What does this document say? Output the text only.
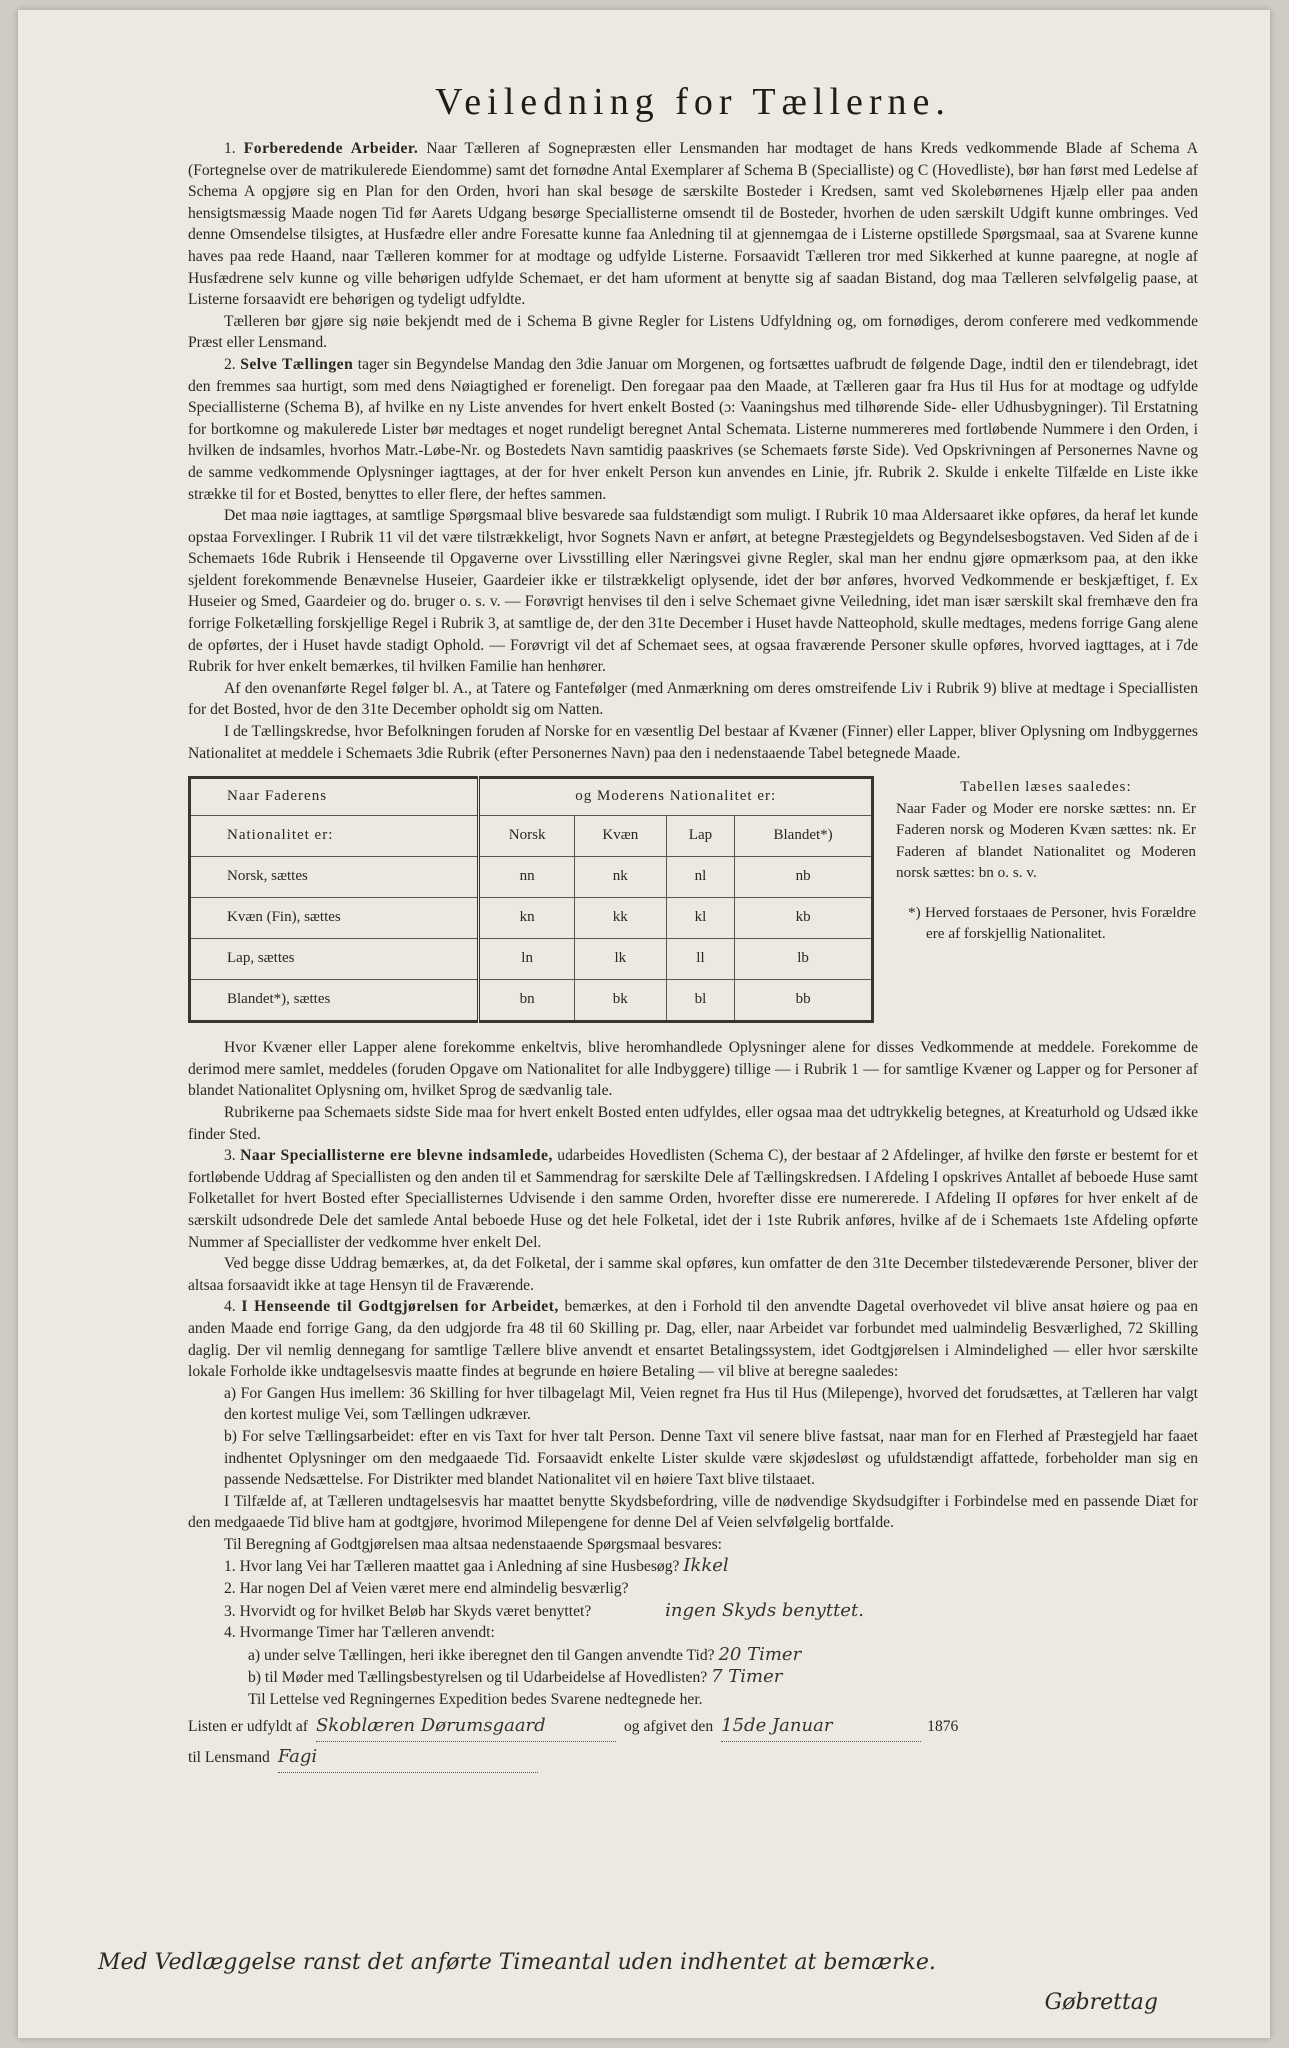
Veiledning for Tællerne.

1. Forberedende Arbeider. Naar Tælleren af Sognepræsten eller Lensmanden har modtaget de hans Kreds vedkommende Blade af Schema A (Fortegnelse over de matrikulerede Eiendomme) samt det fornødne Antal Exemplarer af Schema B (Specialliste) og C (Hovedliste), bør han først med Ledelse af Schema A opgjøre sig en Plan for den Orden, hvori han skal besøge de særskilte Bosteder i Kredsen, samt ved Skolebørnenes Hjælp eller paa anden hensigtsmæssig Maade nogen Tid før Aarets Udgang besørge Speciallisterne omsendt til de Bosteder, hvorhen de uden særskilt Udgift kunne ombringes. Ved denne Omsendelse tilsigtes, at Husfædre eller andre Foresatte kunne faa Anledning til at gjennemgaa de i Listerne opstillede Spørgsmaal, saa at Svarene kunne haves paa rede Haand, naar Tælleren kommer for at modtage og udfylde Listerne. Forsaavidt Tælleren tror med Sikkerhed at kunne paaregne, at nogle af Husfædrene selv kunne og ville behørigen udfylde Schemaet, er det ham uforment at benytte sig af saadan Bistand, dog maa Tælleren selvfølgelig paase, at Listerne forsaavidt ere behørigen og tydeligt udfyldte.

Tælleren bør gjøre sig nøie bekjendt med de i Schema B givne Regler for Listens Udfyldning og, om fornødiges, derom conferere med vedkommende Præst eller Lensmand.

2. Selve Tællingen tager sin Begyndelse Mandag den 3die Januar om Morgenen, og fortsættes uafbrudt de følgende Dage, indtil den er tilendebragt, idet den fremmes saa hurtigt, som med dens Nøiagtighed er foreneligt. Den foregaar paa den Maade, at Tælleren gaar fra Hus til Hus for at modtage og udfylde Speciallisterne (Schema B), af hvilke en ny Liste anvendes for hvert enkelt Bosted (ɔ: Vaaningshus med tilhørende Side- eller Udhusbygninger). Til Erstatning for bortkomne og makulerede Lister bør medtages et noget rundeligt beregnet Antal Schemata. Listerne nummereres med fortløbende Nummere i den Orden, i hvilken de indsamles, hvorhos Matr.-Løbe-Nr. og Bostedets Navn samtidig paaskrives (se Schemaets første Side). Ved Opskrivningen af Personernes Navne og de samme vedkommende Oplysninger iagttages, at der for hver enkelt Person kun anvendes en Linie, jfr. Rubrik 2. Skulde i enkelte Tilfælde en Liste ikke strække til for et Bosted, benyttes to eller flere, der heftes sammen.

Det maa nøie iagttages, at samtlige Spørgsmaal blive besvarede saa fuldstændigt som muligt. I Rubrik 10 maa Aldersaaret ikke opføres, da heraf let kunde opstaa Forvexlinger. I Rubrik 11 vil det være tilstrækkeligt, hvor Sognets Navn er anført, at betegne Præstegjeldets og Begyndelsesbogstaven. Ved Siden af de i Schemaets 16de Rubrik i Henseende til Opgaverne over Livsstilling eller Næringsvei givne Regler, skal man her endnu gjøre opmærksom paa, at den ikke sjeldent forekommende Benævnelse Huseier, Gaardeier ikke er tilstrækkeligt oplysende, idet der bør anføres, hvorved Vedkommende er beskjæftiget, f. Ex Huseier og Smed, Gaardeier og do. bruger o. s. v. — Forøvrigt henvises til den i selve Schemaet givne Veiledning, idet man især særskilt skal fremhæve den fra forrige Folketælling forskjellige Regel i Rubrik 3, at samtlige de, der den 31te December i Huset havde Natteophold, skulle medtages, medens forrige Gang alene de opførtes, der i Huset havde stadigt Ophold. — Forøvrigt vil det af Schemaet sees, at ogsaa fraværende Personer skulle opføres, hvorved iagttages, at i 7de Rubrik for hver enkelt bemærkes, til hvilken Familie han henhører.

Af den ovenanførte Regel følger bl. A., at Tatere og Fantefølger (med Anmærkning om deres omstreifende Liv i Rubrik 9) blive at medtage i Speciallisten for det Bosted, hvor de den 31te December opholdt sig om Natten.

I de Tællingskredse, hvor Befolkningen foruden af Norske for en væsentlig Del bestaar af Kvæner (Finner) eller Lapper, bliver Oplysning om Indbyggernes Nationalitet at meddele i Schemaets 3die Rubrik (efter Personernes Navn) paa den i nedenstaaende Tabel betegnede Maade.

Naar Faderens	og Moderens Nationalitet er:			
Nationalitet er:	Norsk	Kvæn	Lap	Blandet*)
Norsk, sættes	nn	nk	nl	nb
Kvæn (Fin), sættes	kn	kk	kl	kb
Lap, sættes	ln	lk	ll	lb
Blandet*), sættes	bn	bk	bl	bb
Tabellen læses saaledes:
Naar Fader og Moder ere norske sættes: nn. Er Faderen norsk og Moderen Kvæn sættes: nk. Er Faderen af blandet Nationalitet og Moderen norsk sættes: bn o. s. v.
*) Herved forstaaes de Personer, hvis Forældre ere af forskjellig Nationalitet.

Hvor Kvæner eller Lapper alene forekomme enkeltvis, blive heromhandlede Oplysninger alene for disses Vedkommende at meddele. Forekomme de derimod mere samlet, meddeles (foruden Opgave om Nationalitet for alle Indbyggere) tillige — i Rubrik 1 — for samtlige Kvæner og Lapper og for Personer af blandet Nationalitet Oplysning om, hvilket Sprog de sædvanlig tale.

Rubrikerne paa Schemaets sidste Side maa for hvert enkelt Bosted enten udfyldes, eller ogsaa maa det udtrykkelig betegnes, at Kreaturhold og Udsæd ikke finder Sted.

3. Naar Speciallisterne ere blevne indsamlede, udarbeides Hovedlisten (Schema C), der bestaar af 2 Afdelinger, af hvilke den første er bestemt for et fortløbende Uddrag af Speciallisten og den anden til et Sammendrag for særskilte Dele af Tællingskredsen. I Afdeling I opskrives Antallet af beboede Huse samt Folketallet for hvert Bosted efter Speciallisternes Udvisende i den samme Orden, hvorefter disse ere numererede. I Afdeling II opføres for hver enkelt af de særskilt udsondrede Dele det samlede Antal beboede Huse og det hele Folketal, idet der i 1ste Rubrik anføres, hvilke af de i Schemaets 1ste Afdeling opførte Nummer af Speciallister der vedkomme hver enkelt Del.

Ved begge disse Uddrag bemærkes, at, da det Folketal, der i samme skal opføres, kun omfatter de den 31te December tilstedeværende Personer, bliver der altsaa forsaavidt ikke at tage Hensyn til de Fraværende.

4. I Henseende til Godtgjørelsen for Arbeidet, bemærkes, at den i Forhold til den anvendte Dagetal overhovedet vil blive ansat høiere og paa en anden Maade end forrige Gang, da den udgjorde fra 48 til 60 Skilling pr. Dag, eller, naar Arbeidet var forbundet med ualmindelig Besværlighed, 72 Skilling daglig. Der vil nemlig dennegang for samtlige Tællere blive anvendt et ensartet Betalingssystem, idet Godtgjørelsen i Almindelighed — eller hvor særskilte lokale Forholde ikke undtagelsesvis maatte findes at begrunde en høiere Betaling — vil blive at beregne saaledes:

a) For Gangen Hus imellem: 36 Skilling for hver tilbagelagt Mil, Veien regnet fra Hus til Hus (Milepenge), hvorved det forudsættes, at Tælleren har valgt den kortest mulige Vei, som Tællingen udkræver.

b) For selve Tællingsarbeidet: efter en vis Taxt for hver talt Person. Denne Taxt vil senere blive fastsat, naar man for en Flerhed af Præstegjeld har faaet indhentet Oplysninger om den medgaaede Tid. Forsaavidt enkelte Lister skulde være skjødesløst og ufuldstændigt affattede, forbeholder man sig en passende Nedsættelse. For Distrikter med blandet Nationalitet vil en høiere Taxt blive tilstaaet.

I Tilfælde af, at Tælleren undtagelsesvis har maattet benytte Skydsbefordring, ville de nødvendige Skydsudgifter i Forbindelse med en passende Diæt for den medgaaede Tid blive ham at godtgjøre, hvorimod Milepengene for denne Del af Veien selvfølgelig bortfalde.

Til Beregning af Godtgjørelsen maa altsaa nedenstaaende Spørgsmaal besvares:

1. Hvor lang Vei har Tælleren maattet gaa i Anledning af sine Husbesøg? Ikkel
2. Har nogen Del af Veien været mere end almindelig besværlig?
3. Hvorvidt og for hvilket Beløb har Skyds været benyttet?	ingen Skyds benyttet.
4. Hvormange Timer har Tælleren anvendt:
a) under selve Tællingen, heri ikke iberegnet den til Gangen anvendte Tid? 20 Timer
b) til Møder med Tællingsbestyrelsen og til Udarbeidelse af Hovedlisten? 7 Timer
Til Lettelse ved Regningernes Expedition bedes Svarene nedtegnede her.
Listen er udfyldt af Skoblæren Dørumsgaard	og afgivet den 15de Januar	1876
til Lensmand Fagi
Med Vedlæggelse ranst det anførte Timeantal uden indhentet at bemærke.
Gøbrettag
